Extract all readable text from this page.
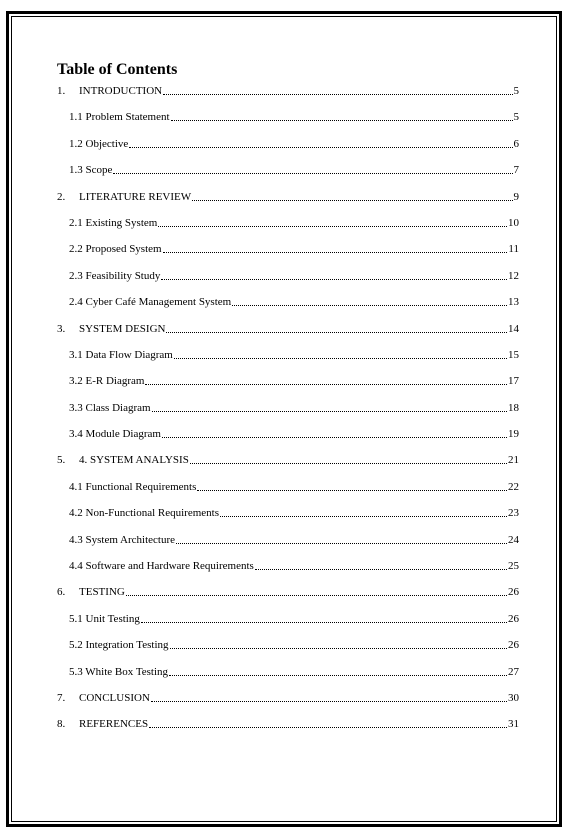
Table of Contents
1.	INTRODUCTION	5
1.1 Problem Statement	5
1.2 Objective	6
1.3 Scope	7
2.	LITERATURE REVIEW	9
2.1 Existing System	10
2.2 Proposed System	11
2.3 Feasibility Study	12
2.4 Cyber Café Management System	13
3.	SYSTEM DESIGN	14
3.1 Data Flow Diagram	15
3.2 E-R Diagram	17
3.3 Class Diagram	18
3.4 Module Diagram	19
5.	4. SYSTEM ANALYSIS	21
4.1 Functional Requirements	22
4.2 Non-Functional Requirements	23
4.3 System Architecture	24
4.4 Software and Hardware Requirements	25
6.	TESTING	26
5.1 Unit Testing	26
5.2 Integration Testing	26
5.3 White Box Testing	27
7.	CONCLUSION	30
8.	REFERENCES	31
